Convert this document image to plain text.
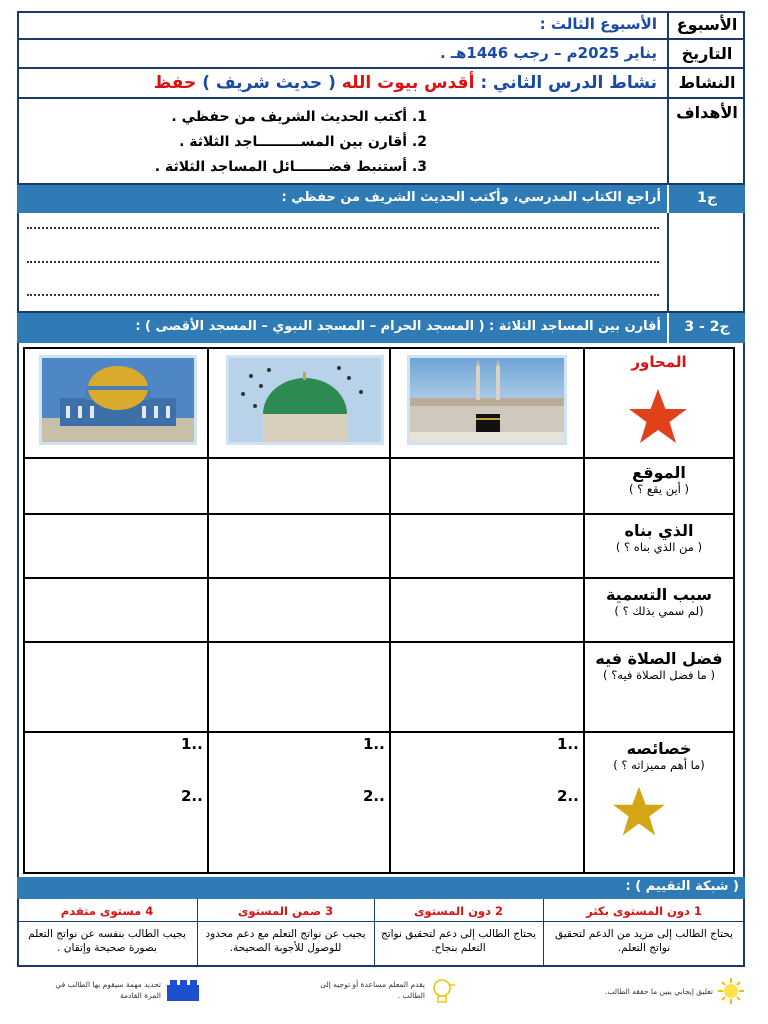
الأسبوع
الأسبوع الثالث :
التاريخ
يناير 2025م – رجب 1446هـ .
النشاط
نشاط الدرس الثاني : أقدس بيوت الله ( حديث شريف ) حفظ
الأهداف
1. أكتب الحديث الشريف من حفظي .
2. أقارن بين المســـــــــاجد الثلاثة .
3. أستنبط فضـــــــائل المساجد الثلاثة .
أراجع الكتاب المدرسي، وأكتب الحديث الشريف من حفظي :	ج1
أقارن بين المساجد الثلاثة : ( المسجد الحرام – المسجد النبوي – المسجد الأقصى ) :	ج2 - 3
المحاور
الموقع
( أين يقع ؟ )
الذي بناه
( من الذي بناه ؟ )
سبب التسمية
( لم سمي بذلك ؟)
فضل الصلاة فيه
( ما فضل الصلاة فيه؟ )
خصائصه
( ما أهم مميزاته ؟)
1..
2..
1..
2..
1..
2..
( شبكة التقييم ) :
1 دون المستوى بكثر
2 دون المستوى
3 ضمن المستوى
4 مستوى متقدم
يحتاج الطالب إلى مزيد من الدعم لتحقيق نواتج التعلم.
يحتاج الطالب إلى دعم لتحقيق نواتج التعلم بنجاح.
يجيب عن نواتج التعلم مع دعم محدود للوصول للأجوبة الصحيحة.
يجيب الطالب بنفسه عن نواتج التعلم بصورة صحيحة وإتقان .
تعليق إيجابي يبين ما حققه الطالب.
يقدم المعلم مساعدة أو توجيه إلى الطالب .
تحديد مهمة سيقوم بها الطالب في المرة القادمة
